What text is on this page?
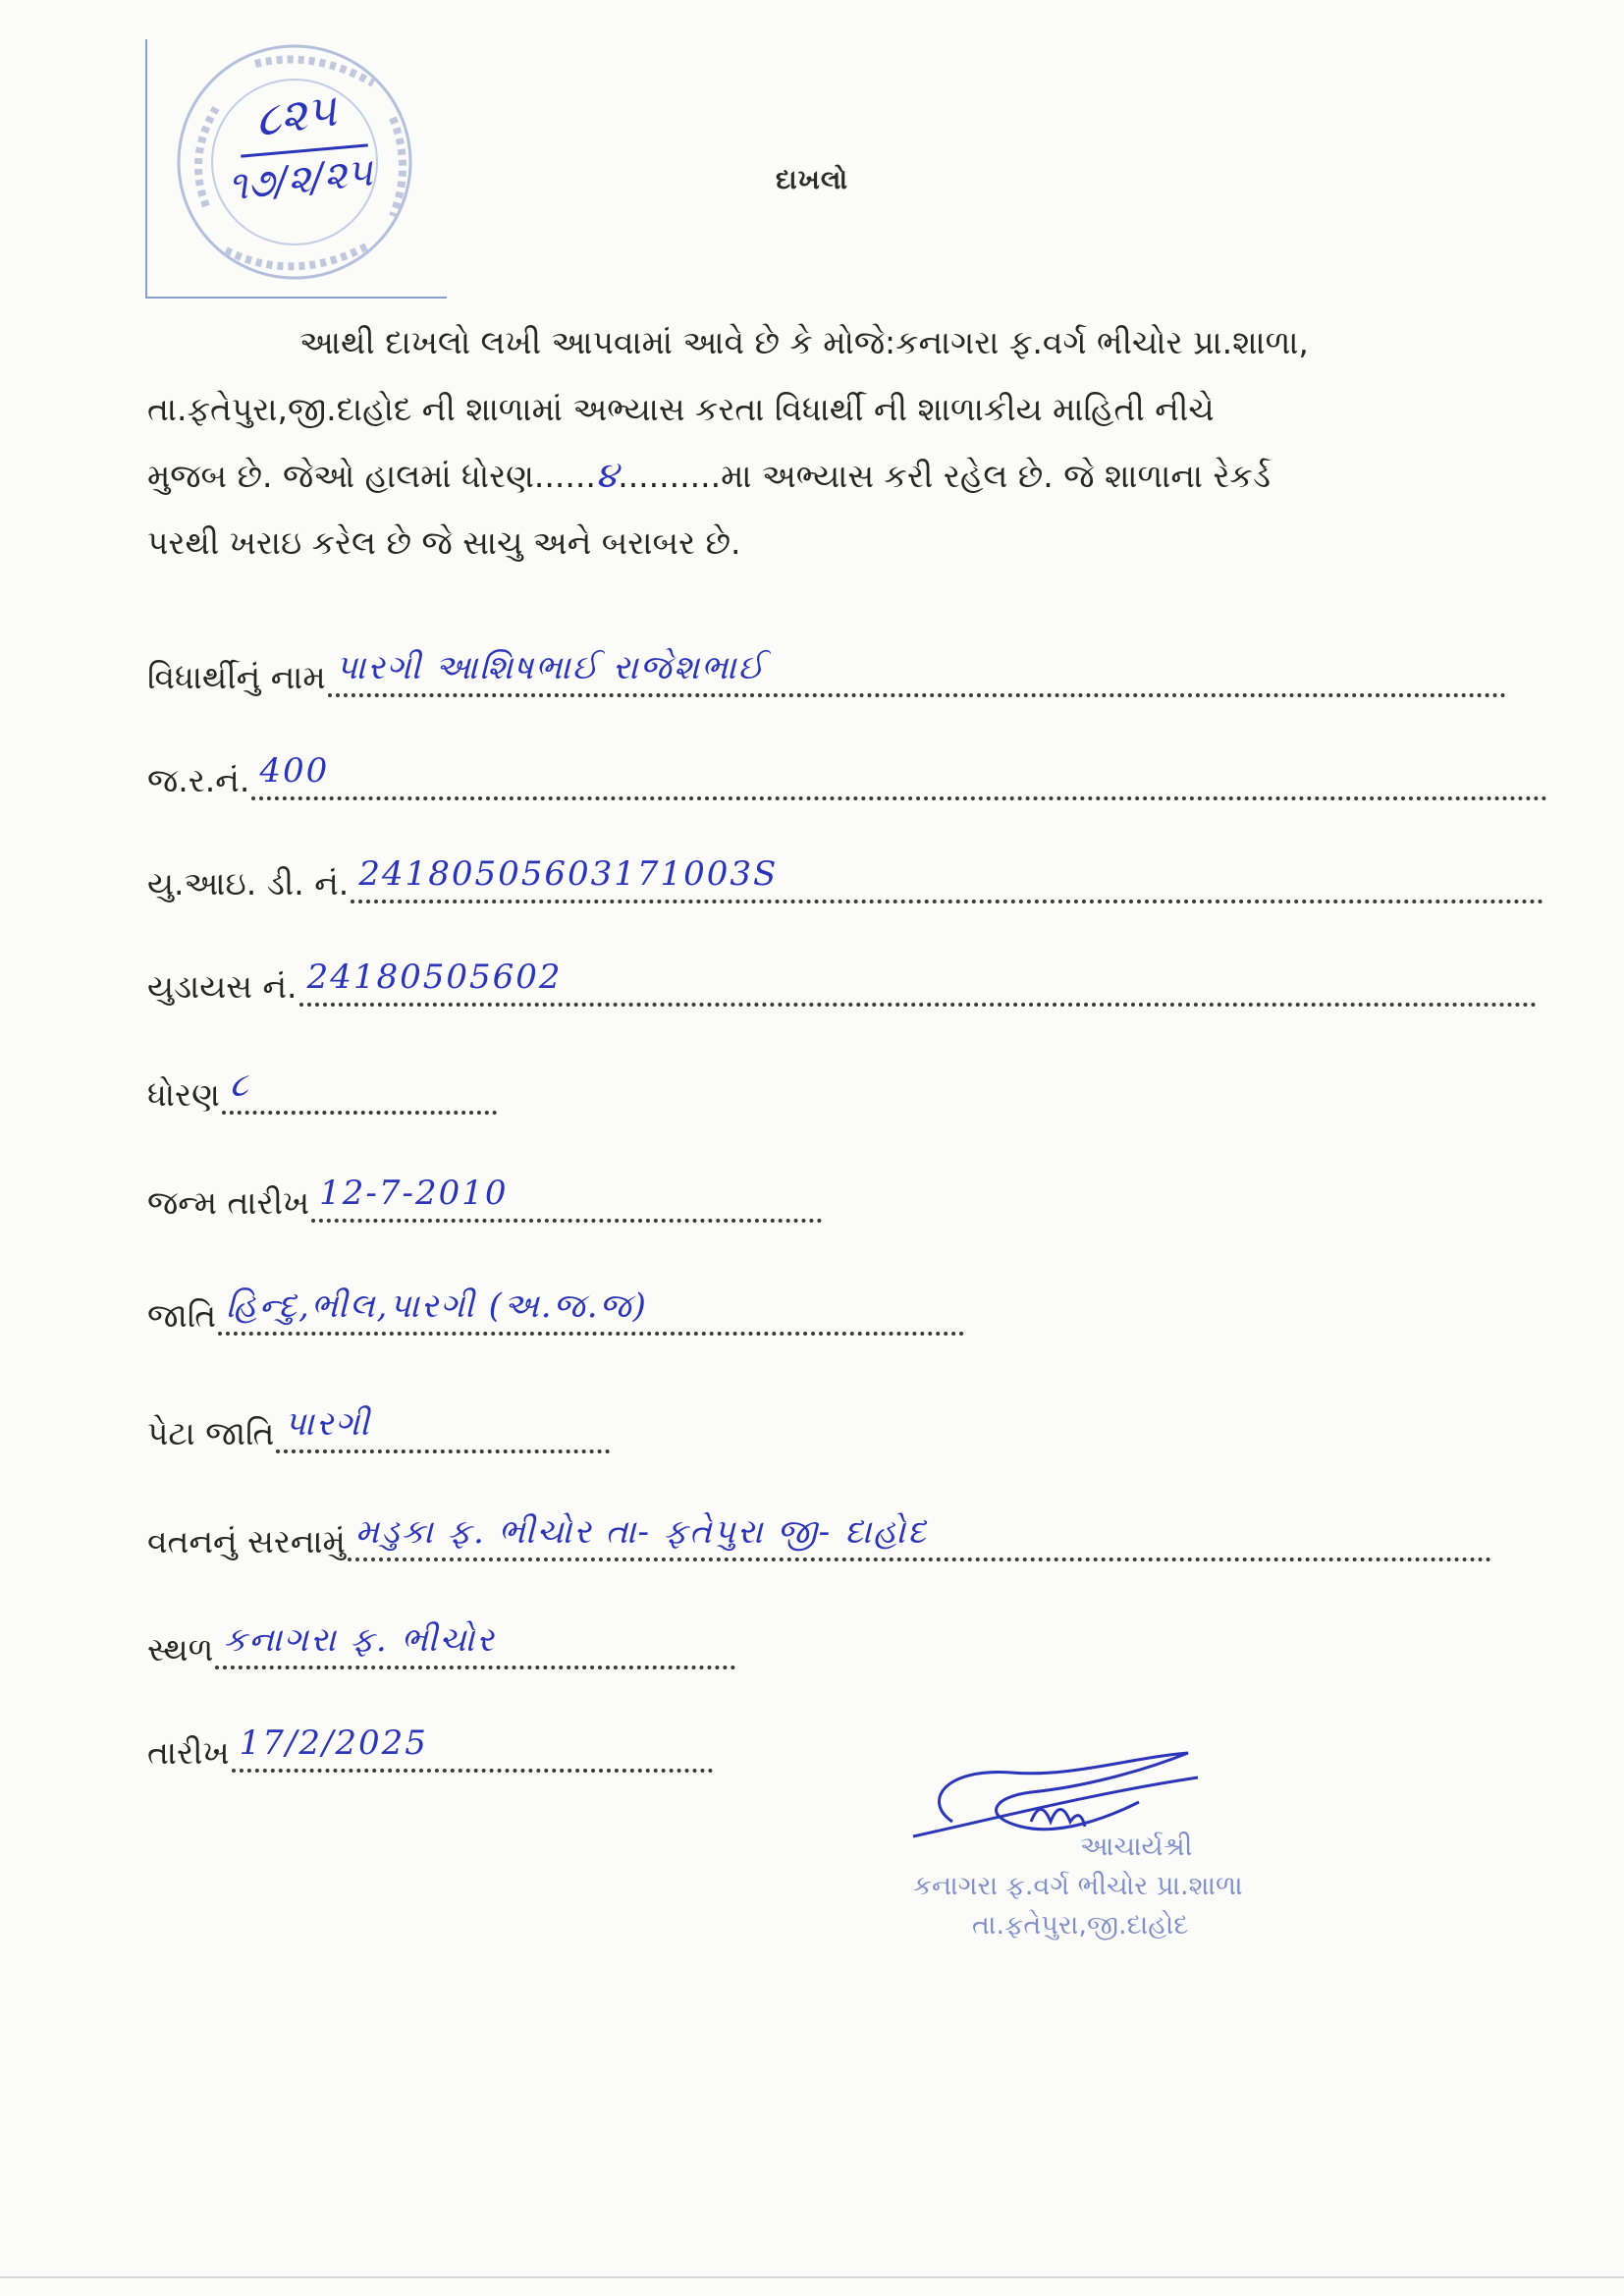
૮૨૫
૧૭/૨/૨૫	દાખલો
આથી દાખલો લખી આપવામાં આવે છે કે મોજે:કનાગરા ફ.વર્ગ ભીચોર પ્રા.શાળા,
તા.ફતેપુરા,જી.દાહોદ ની શાળામાં અભ્યાસ કરતા વિધાર્થી ની શાળાકીય માહિતી નીચે
મુજબ છે. જેઓ હાલમાં ધોરણ......૪..........મા અભ્યાસ કરી રહેલ છે. જે શાળાના રેકર્ડ
પરથી ખરાઇ કરેલ છે જે સાચુ અને બરાબર છે.
વિધાર્થીનું નામ પારગી આશિષભાઈ રાજેશભાઈ
જ.ર.નં. 400
યુ.આઇ. ડી. નં. 24180505603171003S
યુડાયસ નં. 24180505602
ધોરણ ૮
જન્મ તારીખ 12-7-2010
જાતિ હિન્દુ,ભીલ,પારગી (અ.જ.જ)
પેટા જાતિ પારગી
વતનનું સરનામું મડુકા ફ. ભીચોર તા- ફતેપુરા જી- દાહોદ
સ્થળ કનાગરા ફ. ભીચોર
તારીખ 17/2/2025
આચાર્યશ્રી
કનાગરા ફ.વર્ગ ભીચોર પ્રા.શાળા
તા.ફતેપુરા,જી.દાહોદ
